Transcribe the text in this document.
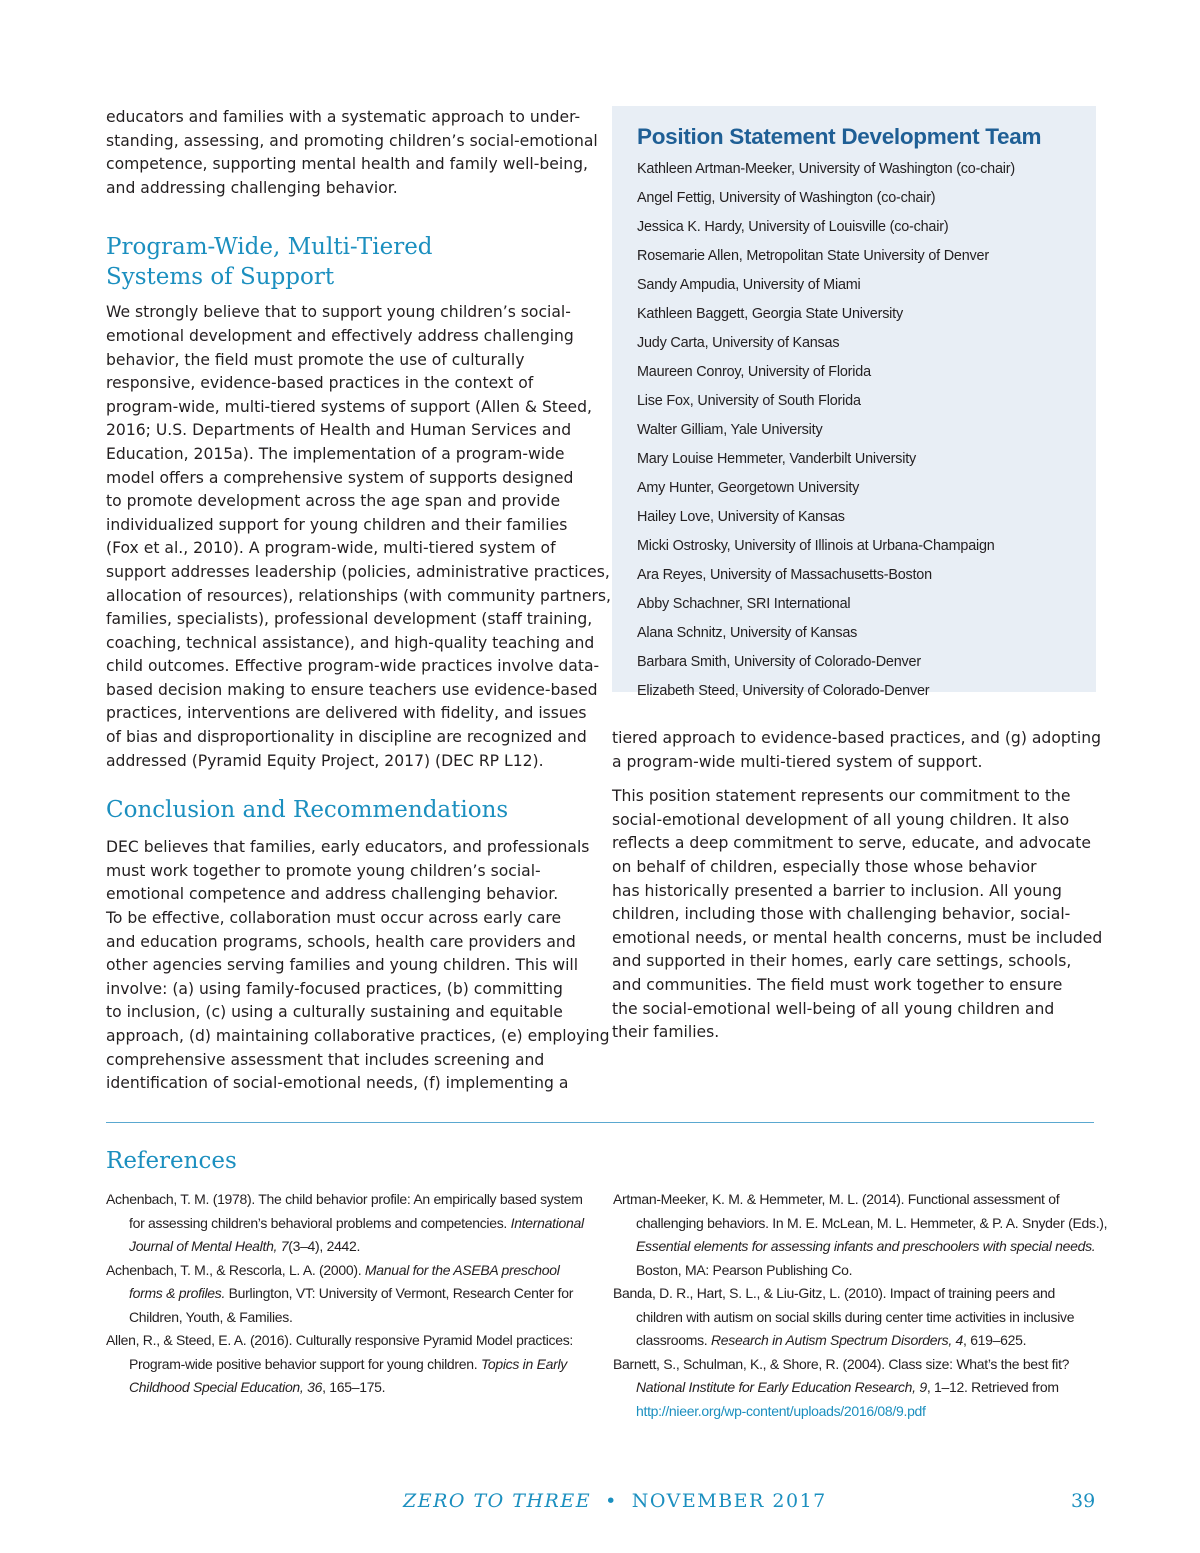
educators and families with a systematic approach to under-
standing, assessing, and promoting children’s social-emotional
competence, supporting mental health and family well-being,
and addressing challenging behavior.

Program-Wide, Multi-Tiered
Systems of Support

We strongly believe that to support young children’s social-
emotional development and effectively address challenging
behavior, the field must promote the use of culturally
responsive, evidence-based practices in the context of
program-wide, multi-tiered systems of support (Allen & Steed,
2016; U.S. Departments of Health and Human Services and
Education, 2015a). The implementation of a program-wide
model offers a comprehensive system of supports designed
to promote development across the age span and provide
individualized support for young children and their families
(Fox et al., 2010). A program-wide, multi-tiered system of
support addresses leadership (policies, administrative practices,
allocation of resources), relationships (with community partners,
families, specialists), professional development (staff training,
coaching, technical assistance), and high-quality teaching and
child outcomes. Effective program-wide practices involve data-
based decision making to ensure teachers use evidence-based
practices, interventions are delivered with fidelity, and issues
of bias and disproportionality in discipline are recognized and
addressed (Pyramid Equity Project, 2017) (DEC RP L12).

Conclusion and Recommendations

DEC believes that families, early educators, and professionals
must work together to promote young children’s social-
emotional competence and address challenging behavior.
To be effective, collaboration must occur across early care
and education programs, schools, health care providers and
other agencies serving families and young children. This will
involve: (a) using family-focused practices, (b) committing
to inclusion, (c) using a culturally sustaining and equitable
approach, (d) maintaining collaborative practices, (e) employing
comprehensive assessment that includes screening and
identification of social-emotional needs, (f) implementing a

Position Statement Development Team
Kathleen Artman-Meeker, University of Washington (co-chair)
Angel Fettig, University of Washington (co-chair)
Jessica K. Hardy, University of Louisville (co-chair)
Rosemarie Allen, Metropolitan State University of Denver
Sandy Ampudia, University of Miami
Kathleen Baggett, Georgia State University
Judy Carta, University of Kansas
Maureen Conroy, University of Florida
Lise Fox, University of South Florida
Walter Gilliam, Yale University
Mary Louise Hemmeter, Vanderbilt University
Amy Hunter, Georgetown University
Hailey Love, University of Kansas
Micki Ostrosky, University of Illinois at Urbana-Champaign
Ara Reyes, University of Massachusetts-Boston
Abby Schachner, SRI International
Alana Schnitz, University of Kansas
Barbara Smith, University of Colorado-Denver
Elizabeth Steed, University of Colorado-Denver

tiered approach to evidence-based practices, and (g) adopting
a program-wide multi-tiered system of support.

This position statement represents our commitment to the
social-emotional development of all young children. It also
reflects a deep commitment to serve, educate, and advocate
on behalf of children, especially those whose behavior
has historically presented a barrier to inclusion. All young
children, including those with challenging behavior, social-
emotional needs, or mental health concerns, must be included
and supported in their homes, early care settings, schools,
and communities. The field must work together to ensure
the social-emotional well-being of all young children and
their families.

References
Achenbach, T. M. (1978). The child behavior profile: An empirically based system
for assessing children’s behavioral problems and competencies. International
Journal of Mental Health, 7(3–4), 2442.
Achenbach, T. M., & Rescorla, L. A. (2000). Manual for the ASEBA preschool
forms & profiles. Burlington, VT: University of Vermont, Research Center for
Children, Youth, & Families.
Allen, R., & Steed, E. A. (2016). Culturally responsive Pyramid Model practices:
Program-wide positive behavior support for young children. Topics in Early
Childhood Special Education, 36, 165–175.
Artman-Meeker, K. M. & Hemmeter, M. L. (2014). Functional assessment of
challenging behaviors. In M. E. McLean, M. L. Hemmeter, & P. A. Snyder (Eds.),
Essential elements for assessing infants and preschoolers with special needs.
Boston, MA: Pearson Publishing Co.
Banda, D. R., Hart, S. L., & Liu-Gitz, L. (2010). Impact of training peers and
children with autism on social skills during center time activities in inclusive
classrooms. Research in Autism Spectrum Disorders, 4, 619–625.
Barnett, S., Schulman, K., & Shore, R. (2004). Class size: What’s the best fit?
National Institute for Early Education Research, 9, 1–12. Retrieved from
http://nieer.org/wp-content/uploads/2016/08/9.pdf
ZERO TO THREE • NOVEMBER 2017	39
